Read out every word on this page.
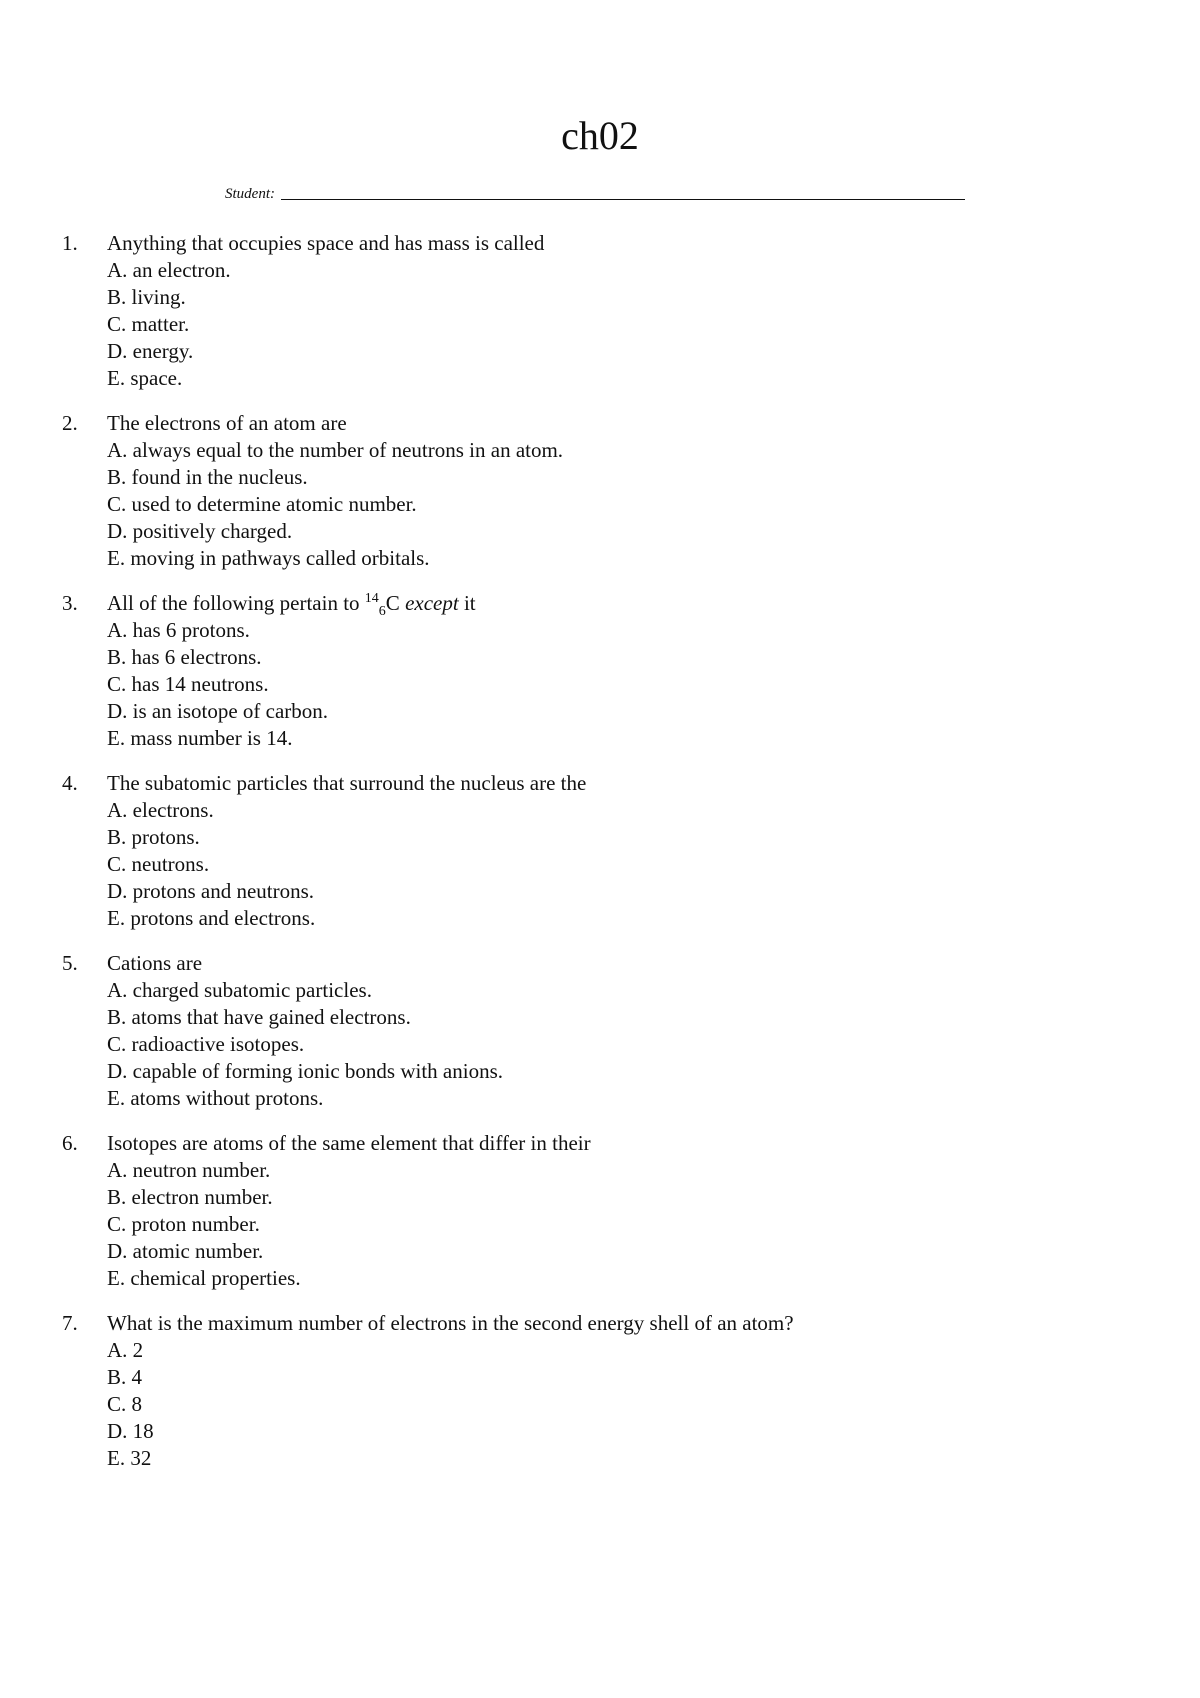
ch02
Student:
1.	Anything that occupies space and has mass is called
A. an electron.
B. living.
C. matter.
D. energy.
E. space.
2.	The electrons of an atom are
A. always equal to the number of neutrons in an atom.
B. found in the nucleus.
C. used to determine atomic number.
D. positively charged.
E. moving in pathways called orbitals.
3.	All of the following pertain to $^{14}_6$C except it
A. has 6 protons.
B. has 6 electrons.
C. has 14 neutrons.
D. is an isotope of carbon.
E. mass number is 14.
4.	The subatomic particles that surround the nucleus are the
A. electrons.
B. protons.
C. neutrons.
D. protons and neutrons.
E. protons and electrons.
5.	Cations are
A. charged subatomic particles.
B. atoms that have gained electrons.
C. radioactive isotopes.
D. capable of forming ionic bonds with anions.
E. atoms without protons.
6.	Isotopes are atoms of the same element that differ in their
A. neutron number.
B. electron number.
C. proton number.
D. atomic number.
E. chemical properties.
7.	What is the maximum number of electrons in the second energy shell of an atom?
A. 2
B. 4
C. 8
D. 18
E. 32
